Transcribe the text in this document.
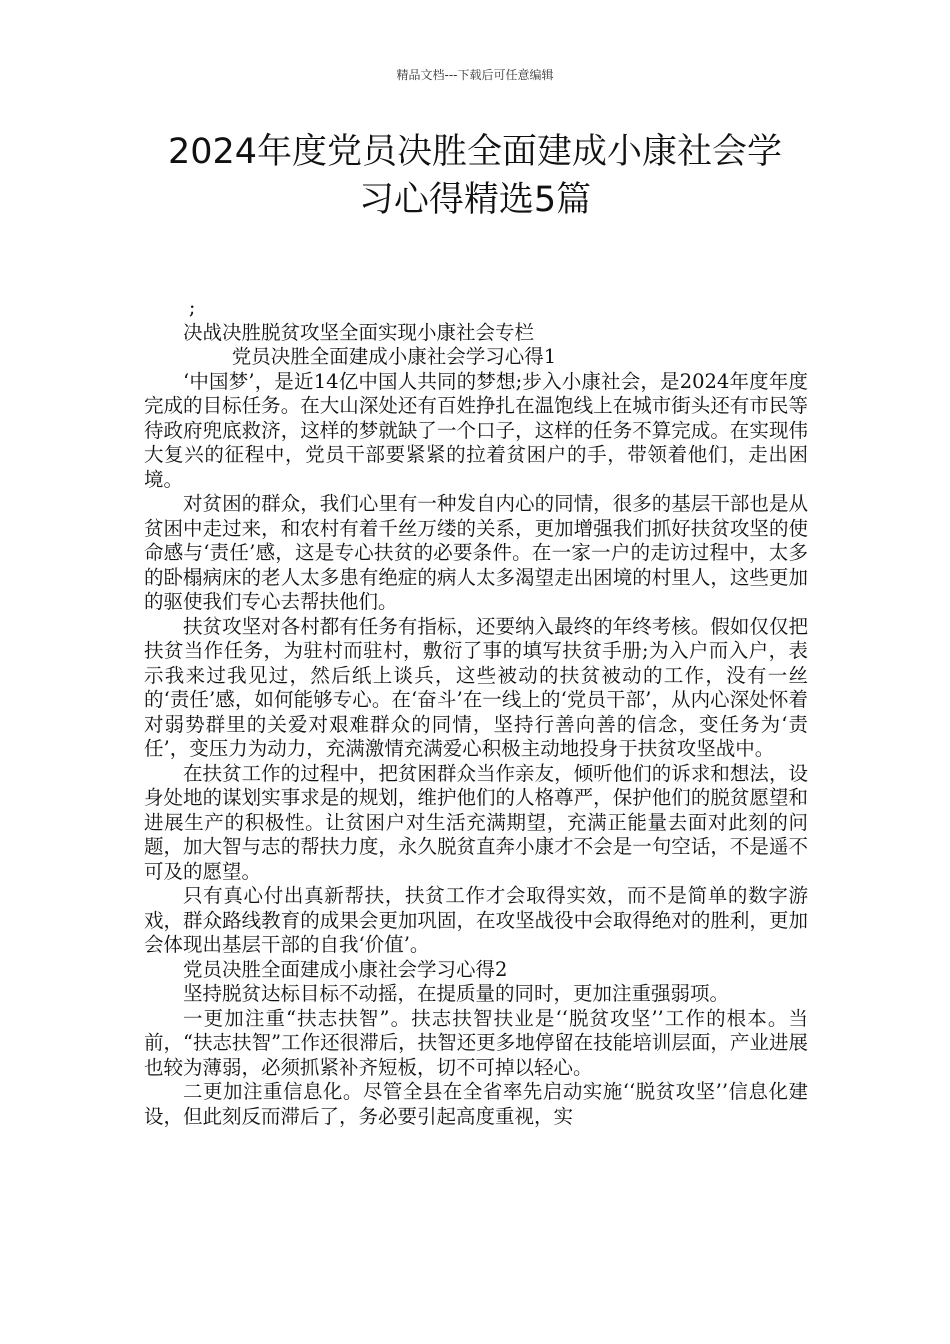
精品文档---下载后可任意编辑
2024年度党员决胜全面建成小康社会学
习心得精选5篇

;

决战决胜脱贫攻坚全面实现小康社会专栏

党员决胜全面建成小康社会学习心得1

‘中国梦’，是近14亿中国人共同的梦想;步入小康社会，是2024年度年度完成的目标任务。在大山深处还有百姓挣扎在温饱线上在城市街头还有市民等待政府兜底救济，这样的梦就缺了一个口子，这样的任务不算完成。在实现伟大复兴的征程中，党员干部要紧紧的拉着贫困户的手，带领着他们，走出困境。

对贫困的群众，我们心里有一种发自内心的同情，很多的基层干部也是从贫困中走过来，和农村有着千丝万缕的关系，更加增强我们抓好扶贫攻坚的使命感与‘责任’感，这是专心扶贫的必要条件。在一家一户的走访过程中，太多的卧榻病床的老人太多患有绝症的病人太多渴望走出困境的村里人，这些更加的驱使我们专心去帮扶他们。

扶贫攻坚对各村都有任务有指标，还要纳入最终的年终考核。假如仅仅把扶贫当作任务，为驻村而驻村，敷衍了事的填写扶贫手册;为入户而入户，表示我来过我见过，然后纸上谈兵，这些被动的扶贫被动的工作，没有一丝的‘责任’感，如何能够专心。在‘奋斗’在一线上的‘党员干部’，从内心深处怀着对弱势群里的关爱对艰难群众的同情，坚持行善向善的信念，变任务为‘责任’，变压力为动力，充满激情充满爱心积极主动地投身于扶贫攻坚战中。

在扶贫工作的过程中，把贫困群众当作亲友，倾听他们的诉求和想法，设身处地的谋划实事求是的规划，维护他们的人格尊严，保护他们的脱贫愿望和进展生产的积极性。让贫困户对生活充满期望，充满正能量去面对此刻的问题，加大智与志的帮扶力度，永久脱贫直奔小康才不会是一句空话，不是遥不可及的愿望。

只有真心付出真新帮扶，扶贫工作才会取得实效，而不是简单的数字游戏，群众路线教育的成果会更加巩固，在攻坚战役中会取得绝对的胜利，更加会体现出基层干部的自我‘价值’。

党员决胜全面建成小康社会学习心得2

坚持脱贫达标目标不动摇，在提质量的同时，更加注重强弱项。

一更加注重“扶志扶智”。扶志扶智扶业是‘‘脱贫攻坚’’工作的根本。当前，“扶志扶智”工作还很滞后，扶智还更多地停留在技能培训层面，产业进展也较为薄弱，必须抓紧补齐短板，切不可掉以轻心。

二更加注重信息化。尽管全县在全省率先启动实施‘‘脱贫攻坚’’信息化建设，但此刻反而滞后了，务必要引起高度重视，实
